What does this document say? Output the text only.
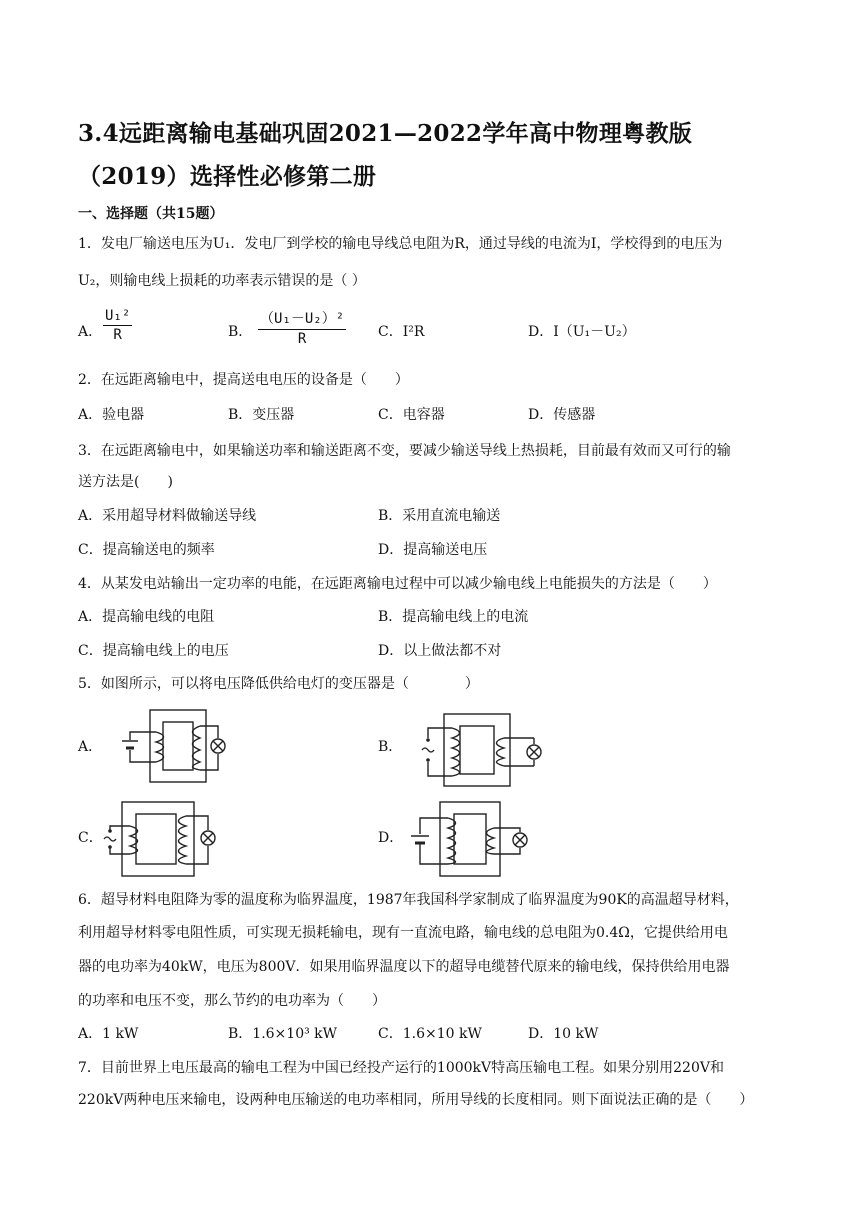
3.4远距离输电基础巩固2021—2022学年高中物理粤教版（2019）选择性必修第二册
一、选择题（共15题）
1．发电厂输送电压为U₁．发电厂到学校的输电导线总电阻为R，通过导线的电流为I，学校得到的电压为
U₂，则输电线上损耗的功率表示错误的是（ ）
A． $\frac{\text{U₁²}}{R}$	B． $\frac{\text{（U₁－U₂）²}}{R}$ C．I²R	D．I（U₁－U₂）
2．在远距离输电中，提高送电电压的设备是（　　）
A．验电器	B．变压器	C．电容器	D．传感器
3．在远距离输电中，如果输送功率和输送距离不变，要减少输送导线上热损耗，目前最有效而又可行的输
送方法是(　　)
A．采用超导材料做输送导线	B．采用直流电输送
C．提高输送电的频率	D．提高输送电压
4．从某发电站输出一定功率的电能，在远距离输电过程中可以减少输电线上电能损失的方法是（　　）
A．提高输电线的电阻	B．提高输电线上的电流
C．提高输电线上的电压	D．以上做法都不对
5．如图所示，可以将电压降低供给电灯的变压器是（　　　　）
A．	B．
C．	D．
6．超导材料电阻降为零的温度称为临界温度，1987年我国科学家制成了临界温度为90K的高温超导材料，
利用超导材料零电阻性质，可实现无损耗输电，现有一直流电路，输电线的总电阻为0.4Ω，它提供给用电
器的电功率为40kW，电压为800V．如果用临界温度以下的超导电缆替代原来的输电线，保持供给用电器
的功率和电压不变，那么节约的电功率为（　　）
A．1 kW	B．1.6×10³ kW	C．1.6×10 kW	D．10 kW
7．目前世界上电压最高的输电工程为中国已经投产运行的1000kV特高压输电工程。如果分别用220V和
220kV两种电压来输电，设两种电压输送的电功率相同，所用导线的长度相同。则下面说法正确的是（　　）
